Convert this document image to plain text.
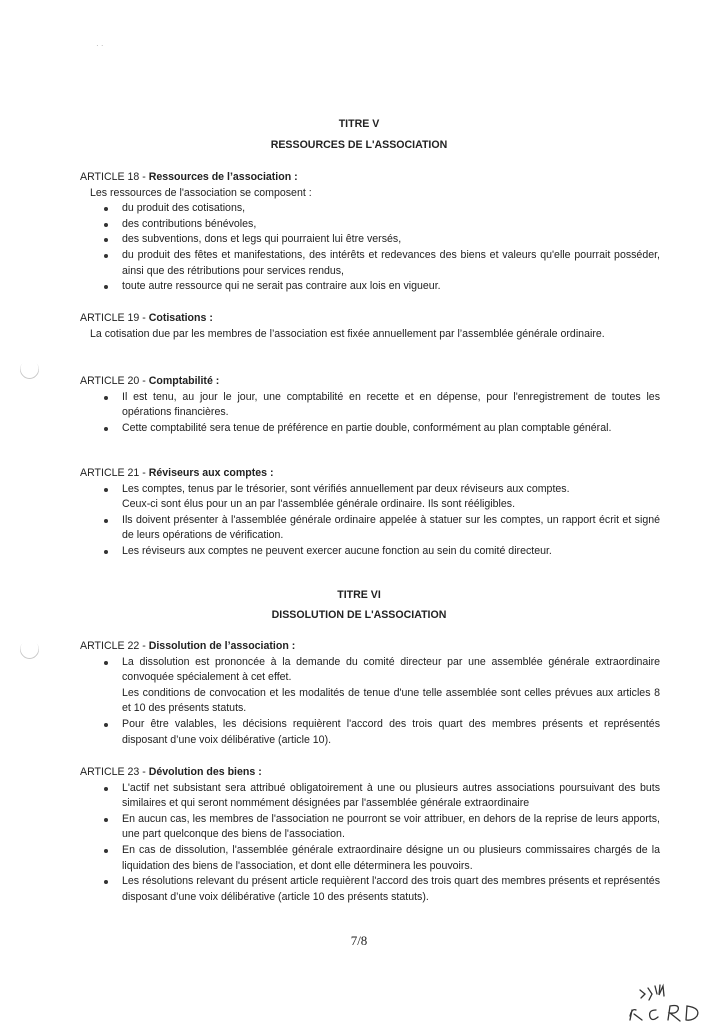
· ·
TITRE V
RESSOURCES DE L'ASSOCIATION
ARTICLE 18 - Ressources de l’association :
Les ressources de l'association se composent :
du produit des cotisations,
des contributions bénévoles,
des subventions, dons et legs qui pourraient lui être versés,
du produit des fêtes et manifestations, des intérêts et redevances des biens et valeurs qu'elle pourrait posséder, ainsi que des rétributions pour services rendus,
toute autre ressource qui ne serait pas contraire aux lois en vigueur.
ARTICLE 19 - Cotisations :
La cotisation due par les membres de l’association est fixée annuellement par l’assemblée générale ordinaire.
ARTICLE 20 - Comptabilité :
Il est tenu, au jour le jour, une comptabilité en recette et en dépense, pour l'enregistrement de toutes les opérations financières.
Cette comptabilité sera tenue de préférence en partie double, conformément au plan comptable général.
ARTICLE 21 - Réviseurs aux comptes :
Les comptes, tenus par le trésorier, sont vérifiés annuellement par deux réviseurs aux comptes.
Ceux-ci sont élus pour un an par l'assemblée générale ordinaire. Ils sont rééligibles.
Ils doivent présenter à l'assemblée générale ordinaire appelée à statuer sur les comptes, un rapport écrit et signé de leurs opérations de vérification.
Les réviseurs aux comptes ne peuvent exercer aucune fonction au sein du comité directeur.
TITRE VI
DISSOLUTION DE L'ASSOCIATION
ARTICLE 22 - Dissolution de l’association :
La dissolution est prononcée à la demande du comité directeur par une assemblée générale extraordinaire convoquée spécialement à cet effet.
Les conditions de convocation et les modalités de tenue d'une telle assemblée sont celles prévues aux articles 8 et 10 des présents statuts.
Pour être valables, les décisions requièrent l'accord des trois quart des membres présents et représentés disposant d’une voix délibérative (article 10).
ARTICLE 23 - Dévolution des biens :
L'actif net subsistant sera attribué obligatoirement à une ou plusieurs autres associations poursuivant des buts similaires et qui seront nommément désignées par l'assemblée générale extraordinaire
En aucun cas, les membres de l'association ne pourront se voir attribuer, en dehors de la reprise de leurs apports, une part quelconque des biens de l'association.
En cas de dissolution, l'assemblée générale extraordinaire désigne un ou plusieurs commissaires chargés de la liquidation des biens de l'association, et dont elle déterminera les pouvoirs.
Les résolutions relevant du présent article requièrent l'accord des trois quart des membres présents et représentés disposant d’une voix délibérative (article 10 des présents statuts).
7/8
